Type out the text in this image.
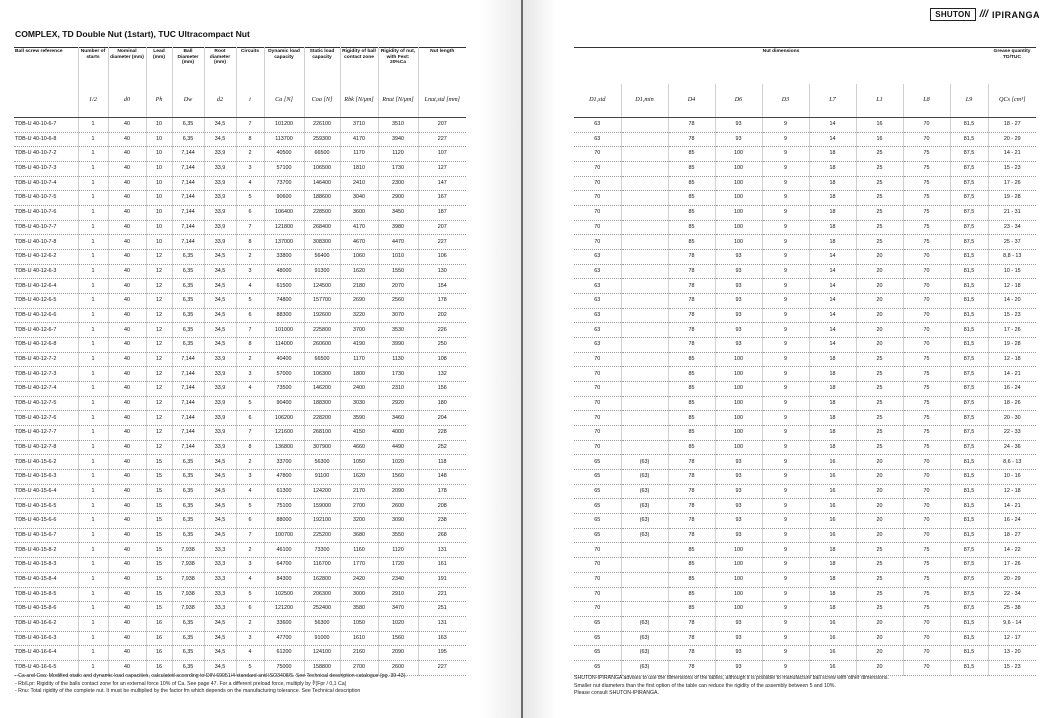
COMPLEX, TD Double Nut (1start), TUC Ultracompact Nut
Ball screw reference	Number of starts	Nominal diameter (mm)	Lead (mm)	Ball Diameter (mm)	Root diameter (mm)	Circuits	Dynamic load capacity	Static load capacity	Rigidity of ball contact zone	Rigidity of nut, with Fext: 20%Ca	Nut length
	1/2	d0	Ph	Dw	d2	i	Ca [N]	Coa [N]	Rbk [N/μm]	Rnut [N/μm]	Lnut,std [mm]
TDB-U 40-10-6-7	1	40	10	6,35	34,5	7	101200	226100	3710	3510	207
TDB-U 40-10-6-8	1	40	10	6,35	34,5	8	113700	259300	4170	3940	227
TDB-U 40-10-7-2	1	40	10	7,144	33,9	2	40500	66500	1170	1120	107
TDB-U 40-10-7-3	1	40	10	7,144	33,9	3	57100	106500	1810	1730	127
TDB-U 40-10-7-4	1	40	10	7,144	33,9	4	73700	146400	2410	2300	147
TDB-U 40-10-7-5	1	40	10	7,144	33,9	5	90600	188600	3040	2900	167
TDB-U 40-10-7-6	1	40	10	7,144	33,9	6	106400	228500	3600	3450	187
TDB-U 40-10-7-7	1	40	10	7,144	33,9	7	121800	268400	4170	3980	207
TDB-U 40-10-7-8	1	40	10	7,144	33,9	8	137000	308300	4670	4470	227
TDB-U 40-12-6-2	1	40	12	6,35	34,5	2	33800	56400	1060	1010	106
TDB-U 40-12-6-3	1	40	12	6,35	34,5	3	48000	91300	1620	1550	130
TDB-U 40-12-6-4	1	40	12	6,35	34,5	4	61500	124500	2180	2070	154
TDB-U 40-12-6-5	1	40	12	6,35	34,5	5	74800	157700	2690	2560	178
TDB-U 40-12-6-6	1	40	12	6,35	34,5	6	88300	192600	3220	3070	202
TDB-U 40-12-6-7	1	40	12	6,35	34,5	7	101000	225800	3700	3530	226
TDB-U 40-12-6-8	1	40	12	6,35	34,5	8	114000	260600	4190	3990	250
TDB-U 40-12-7-2	1	40	12	7,144	33,9	2	40400	66500	1170	1130	108
TDB-U 40-12-7-3	1	40	12	7,144	33,9	3	57000	106300	1800	1730	132
TDB-U 40-12-7-4	1	40	12	7,144	33,9	4	73500	146200	2400	2310	156
TDB-U 40-12-7-5	1	40	12	7,144	33,9	5	90400	188300	3030	2920	180
TDB-U 40-12-7-6	1	40	12	7,144	33,9	6	106200	228200	3590	3460	204
TDB-U 40-12-7-7	1	40	12	7,144	33,9	7	121600	268100	4150	4000	228
TDB-U 40-12-7-8	1	40	12	7,144	33,9	8	136800	307900	4660	4490	252
TDB-U 40-15-6-2	1	40	15	6,35	34,5	2	33700	56300	1050	1020	118
TDB-U 40-15-6-3	1	40	15	6,35	34,5	3	47800	91100	1620	1560	148
TDB-U 40-15-6-4	1	40	15	6,35	34,5	4	61300	124200	2170	2090	178
TDB-U 40-15-6-5	1	40	15	6,35	34,5	5	75100	159000	2700	2600	208
TDB-U 40-15-6-6	1	40	15	6,35	34,5	6	88000	192100	3200	3090	238
TDB-U 40-15-6-7	1	40	15	6,35	34,5	7	100700	225200	3680	3550	268
TDB-U 40-15-8-2	1	40	15	7,938	33,3	2	46100	73300	1160	1120	131
TDB-U 40-15-8-3	1	40	15	7,938	33,3	3	64700	116700	1770	1720	161
TDB-U 40-15-8-4	1	40	15	7,938	33,3	4	84300	162800	2420	2340	191
TDB-U 40-15-8-5	1	40	15	7,938	33,3	5	102500	206300	3000	2910	221
TDB-U 40-15-8-6	1	40	15	7,938	33,3	6	121200	252400	3580	3470	251
TDB-U 40-16-6-2	1	40	16	6,35	34,5	2	33600	56300	1050	1020	131
TDB-U 40-16-6-3	1	40	16	6,35	34,5	3	47700	91000	1610	1560	163
TDB-U 40-16-6-4	1	40	16	6,35	34,5	4	61200	124100	2160	2090	195
TDB-U 40-16-6-5	1	40	16	6,35	34,5	5	75000	158800	2700	2600	227
- Ca and Coa: Modified static and dynamic load capacities, calculated according to DIN 69051/4 standard and ISO3408/5. See Technical description catalogue (pg. 39-43).
- Rb/Lpr: Rigidity of the balls contact zone for an external force 10% of Ca. See page 47. For a different preload force, multiply by ∛(Fpr / 0,1 Ca)
- Rnu: Total rigidity of the complete nut. It must be multiplied by the factor fm which depends on the manufacturing tolerance. See Technical description
SHUTON /// IPIRANGA
Nut dimensions									Grease quantity TD/TUC
D1,std	D1,min	D4	D6	D3	L7	L1	L8	L9	QCs [cm³]
63		78	93	9	14	16	70	81,5	18 - 27
63		78	93	9	14	16	70	81,5	20 - 29
70		85	100	9	18	25	75	87,5	14 - 21
70		85	100	9	18	25	75	87,5	15 - 23
70		85	100	9	18	25	75	87,5	17 - 26
70		85	100	9	18	25	75	87,5	19 - 28
70		85	100	9	18	25	75	87,5	21 - 31
70		85	100	9	18	25	75	87,5	23 - 34
70		85	100	9	18	25	75	87,5	25 - 37
63		78	93	9	14	20	70	81,5	8,8 - 13
63		78	93	9	14	20	70	81,5	10 - 15
63		78	93	9	14	20	70	81,5	12 - 18
63		78	93	9	14	20	70	81,5	14 - 20
63		78	93	9	14	20	70	81,5	15 - 23
63		78	93	9	14	20	70	81,5	17 - 26
63		78	93	9	14	20	70	81,5	19 - 28
70		85	100	9	18	25	75	87,5	12 - 18
70		85	100	9	18	25	75	87,5	14 - 21
70		85	100	9	18	25	75	87,5	16 - 24
70		85	100	9	18	25	75	87,5	18 - 26
70		85	100	9	18	25	75	87,5	20 - 30
70		85	100	9	18	25	75	87,5	22 - 33
70		85	100	9	18	25	75	87,5	24 - 36
65	(63)	78	93	9	16	20	70	81,5	8,6 - 13
65	(63)	78	93	9	16	20	70	81,5	10 - 16
65	(63)	78	93	9	16	20	70	81,5	12 - 18
65	(63)	78	93	9	16	20	70	81,5	14 - 21
65	(63)	78	93	9	16	20	70	81,5	16 - 24
65	(63)	78	93	9	16	20	70	81,5	18 - 27
70		85	100	9	18	25	75	87,5	14 - 22
70		85	100	9	18	25	75	87,5	17 - 26
70		85	100	9	18	25	75	87,5	20 - 29
70		85	100	9	18	25	75	87,5	22 - 34
70		85	100	9	18	25	75	87,5	25 - 38
65	(63)	78	93	9	16	20	70	81,5	9,6 - 14
65	(63)	78	93	9	16	20	70	81,5	12 - 17
65	(63)	78	93	9	16	20	70	81,5	13 - 20
65	(63)	78	93	9	16	20	70	81,5	15 - 23
SHUTON-IPIRANGA advises to use the dimensions of the tables, although it is possible to manufacture ball screw with other dimensions.
Smaller nut diameters than the first option of the table can reduce the rigidity of the assembly between 5 and 10%.
Please consult SHUTON-IPIRANGA.
